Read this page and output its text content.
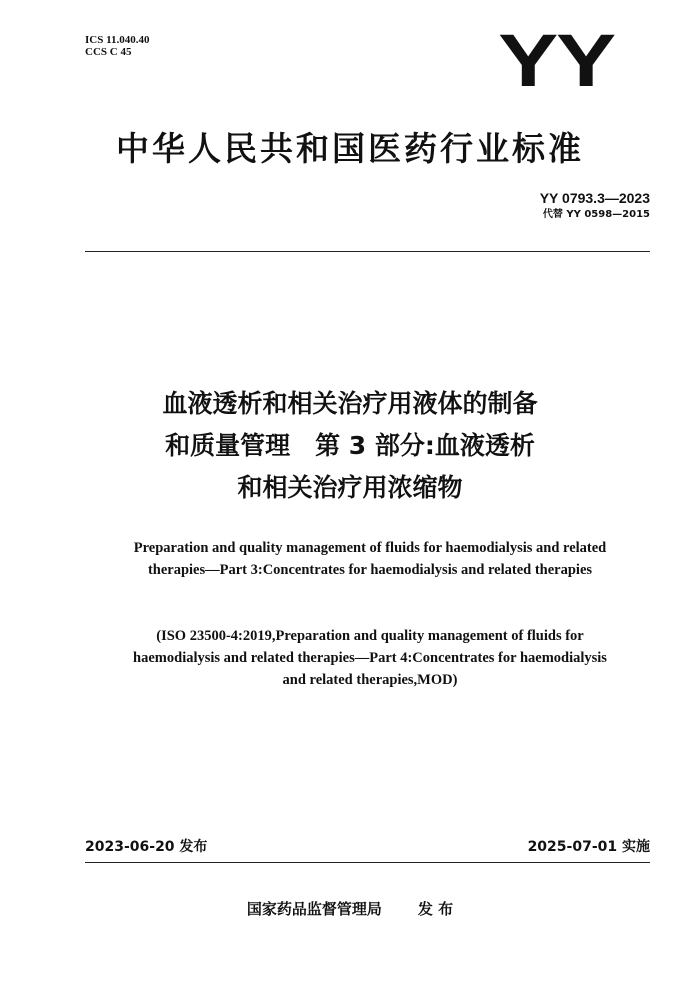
ICS 11.040.40
CCS C 45	YY
中华人民共和国医药行业标准
YY 0793.3—2023
代替 YY 0598—2015
血液透析和相关治疗用液体的制备
和质量管理　第 3 部分:血液透析
和相关治疗用浓缩物
Preparation and quality management of fluids for haemodialysis and related
therapies—Part 3:Concentrates for haemodialysis and related therapies
(ISO 23500-4:2019,Preparation and quality management of fluids for
haemodialysis and related therapies—Part 4:Concentrates for haemodialysis
and related therapies,MOD)
2023-06-20 发布	2025-07-01 实施
国家药品监督管理局 发 布
